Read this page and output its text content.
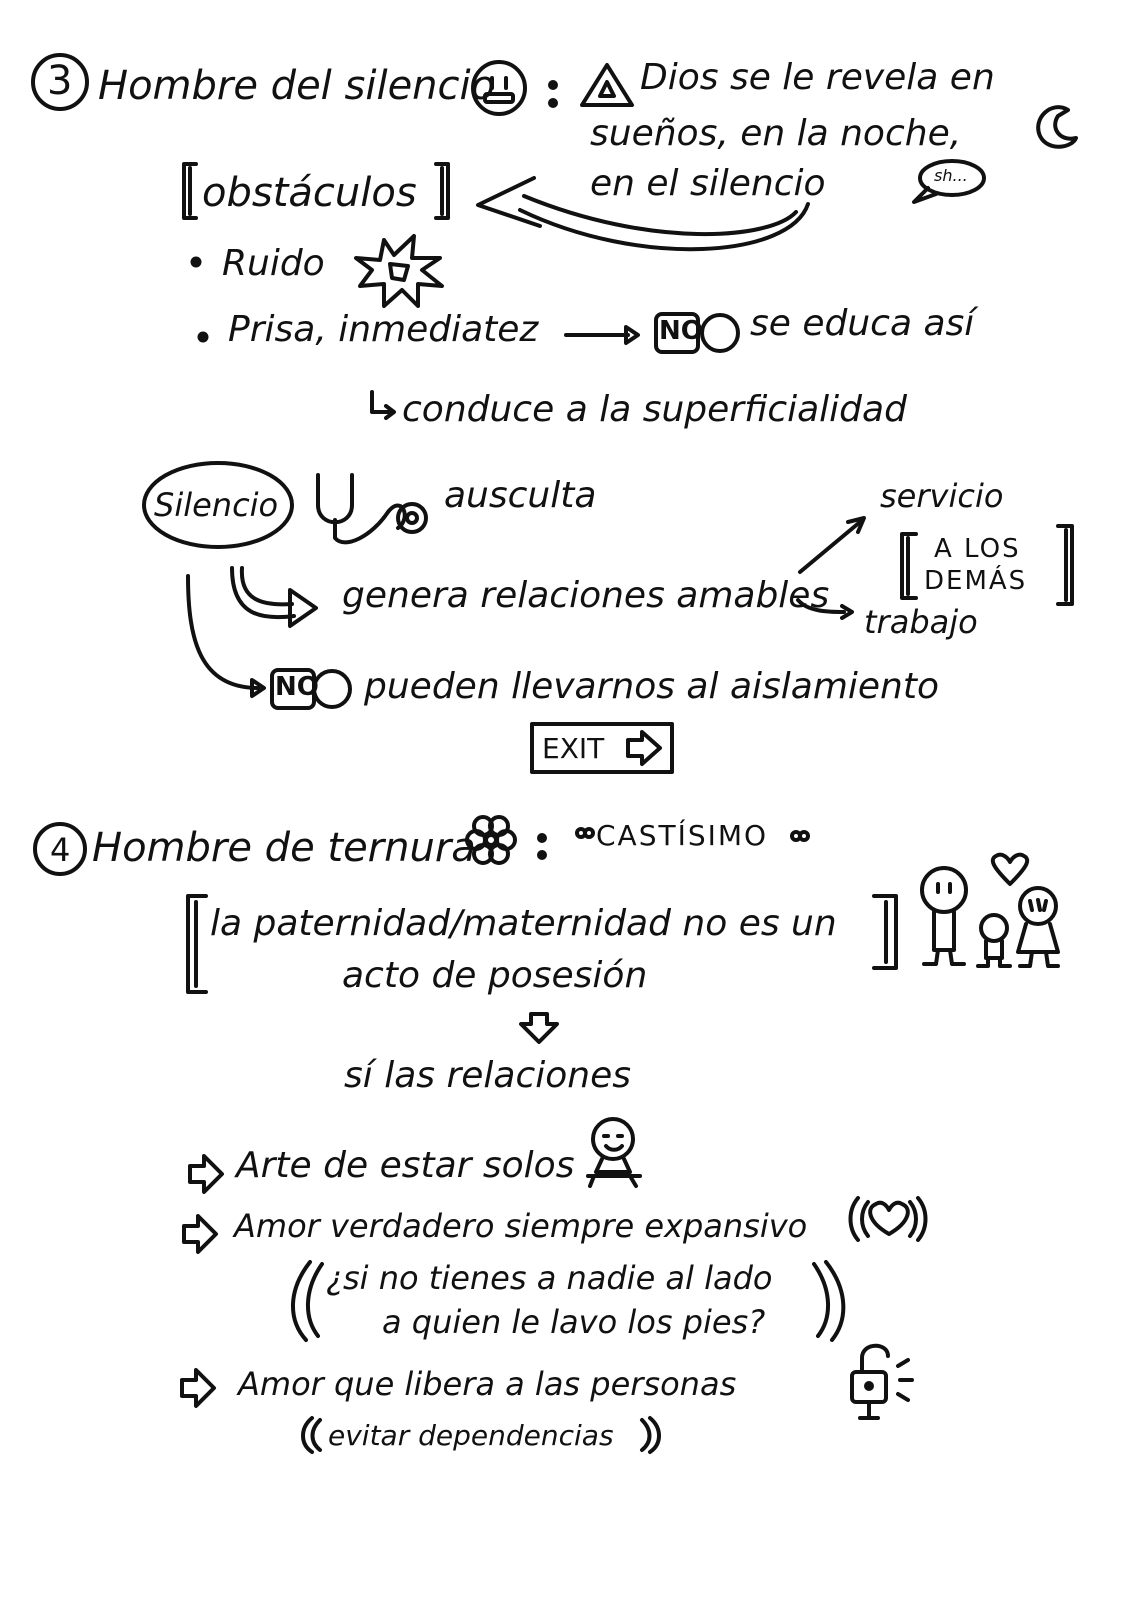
3 Hombre del silencio	Dios se le revela en
sueños, en la noche,
en el silencio	sh...
obstáculos
Ruido
Prisa, inmediatez	NO se educa así
conduce a la superficialidad
Silencio	ausculta
genera relaciones amables
servicio
A LOS
DEMÁS
trabajo
NO pueden llevarnos al aislamiento
EXIT
4 Hombre de ternura	CASTÍSIMO
la paternidad/maternidad no es un
acto de posesión
sí las relaciones
Arte de estar solos
Amor verdadero siempre expansivo
¿si no tienes a nadie al lado
a quien le lavo los pies?
Amor que libera a las personas
evitar dependencias
